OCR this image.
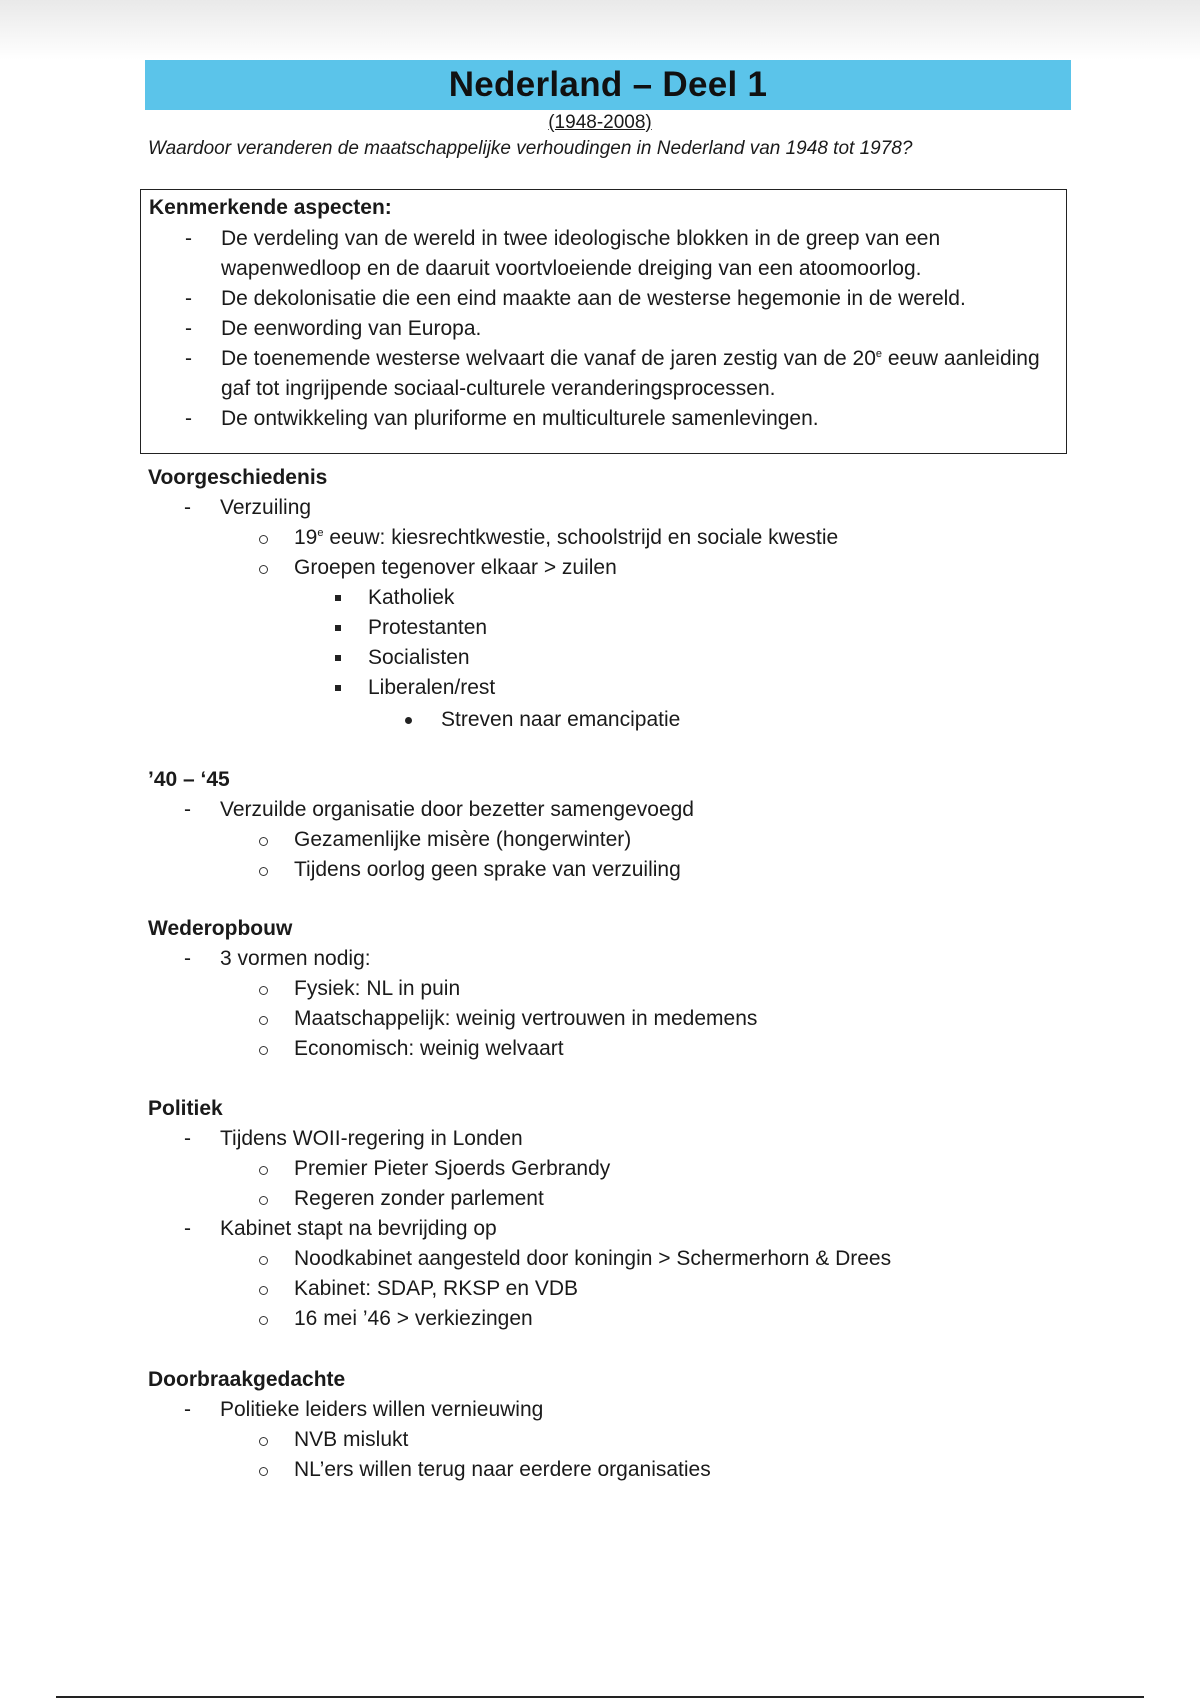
Nederland – Deel 1
(1948-2008)
Waardoor veranderen de maatschappelijke verhoudingen in Nederland van 1948 tot 1978?
Kenmerkende aspecten:
- De verdeling van de wereld in twee ideologische blokken in de greep van een wapenwedloop en de daaruit voortvloeiende dreiging van een atoomoorlog.
- De dekolonisatie die een eind maakte aan de westerse hegemonie in de wereld.
- De eenwording van Europa.
- De toenemende westerse welvaart die vanaf de jaren zestig van de 20e eeuw aanleiding gaf tot ingrijpende sociaal-culturele veranderingsprocessen.
- De ontwikkeling van pluriforme en multiculturele samenlevingen.
Voorgeschiedenis
- Verzuiling
19e eeuw: kiesrechtkwestie, schoolstrijd en sociale kwestie
Groepen tegenover elkaar > zuilen
Katholiek
Protestanten
Socialisten
Liberalen/rest
Streven naar emancipatie
’40 – ‘45
- Verzuilde organisatie door bezetter samengevoegd
Gezamenlijke misère (hongerwinter)
Tijdens oorlog geen sprake van verzuiling
Wederopbouw
- 3 vormen nodig:
Fysiek: NL in puin
Maatschappelijk: weinig vertrouwen in medemens
Economisch: weinig welvaart
Politiek
- Tijdens WOII-regering in Londen
Premier Pieter Sjoerds Gerbrandy
Regeren zonder parlement
- Kabinet stapt na bevrijding op
Noodkabinet aangesteld door koningin > Schermerhorn & Drees
Kabinet: SDAP, RKSP en VDB
16 mei ’46 > verkiezingen
Doorbraakgedachte
- Politieke leiders willen vernieuwing
NVB mislukt
NL’ers willen terug naar eerdere organisaties
